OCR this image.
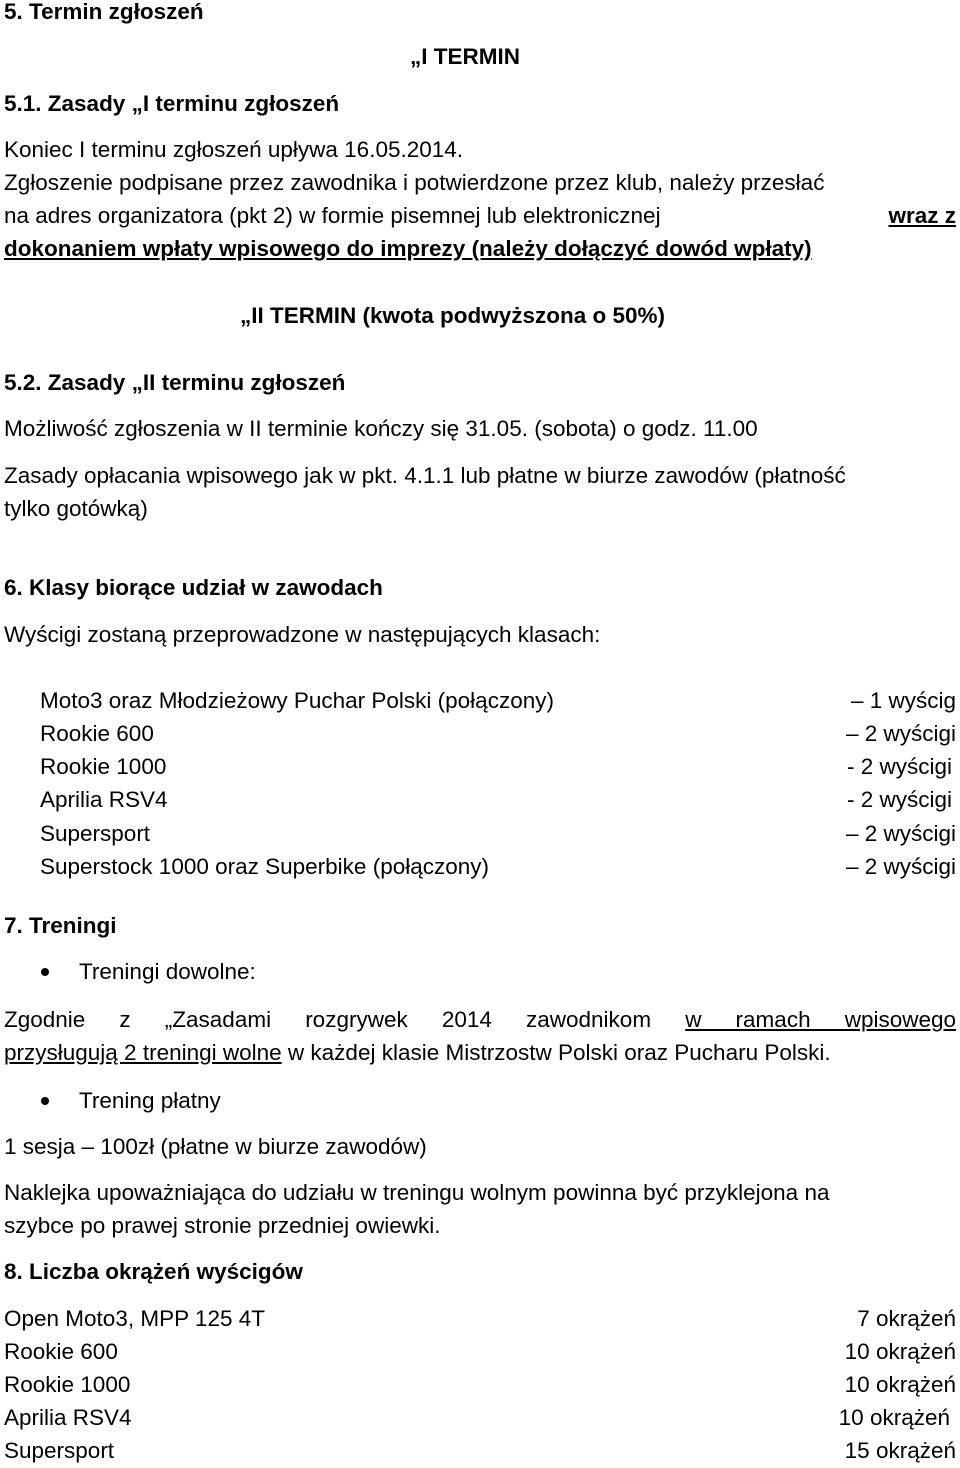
5. Termin zgłoszeń
„I TERMIN
5.1. Zasady „I terminu zgłoszeń
Koniec I terminu zgłoszeń upływa 16.05.2014.
Zgłoszenie podpisane przez zawodnika i potwierdzone przez klub, należy przesłać
na adres organizatora (pkt 2) w formie pisemnej lub elektronicznej	wraz z
dokonaniem wpłaty wpisowego do imprezy (należy dołączyć dowód wpłaty)
„II TERMIN (kwota podwyższona o 50%)
5.2. Zasady „II terminu zgłoszeń
Możliwość zgłoszenia w II terminie kończy się 31.05. (sobota) o godz. 11.00
Zasady opłacania wpisowego jak w pkt. 4.1.1 lub płatne w biurze zawodów (płatność
tylko gotówką)
6. Klasy biorące udział w zawodach
Wyścigi zostaną przeprowadzone w następujących klasach:
Moto3 oraz Młodzieżowy Puchar Polski (połączony)	– 1 wyścig
Rookie 600	– 2 wyścigi
Rookie 1000	- 2 wyścigi
Aprilia RSV4	- 2 wyścigi
Supersport	– 2 wyścigi
Superstock 1000 oraz Superbike (połączony)	– 2 wyścigi
7. Treningi
Treningi dowolne:
Zgodnie z „Zasadami rozgrywek 2014 zawodnikom w ramach wpisowego
przysługują 2 treningi wolne w każdej klasie Mistrzostw Polski oraz Pucharu Polski.
Trening płatny
1 sesja – 100zł (płatne w biurze zawodów)
Naklejka upoważniająca do udziału w treningu wolnym powinna być przyklejona na
szybce po prawej stronie przedniej owiewki.
8. Liczba okrążeń wyścigów
Open Moto3, MPP 125 4T	7 okrążeń
Rookie 600	10 okrążeń
Rookie 1000	10 okrążeń
Aprilia RSV4	10 okrążeń
Supersport	15 okrążeń
